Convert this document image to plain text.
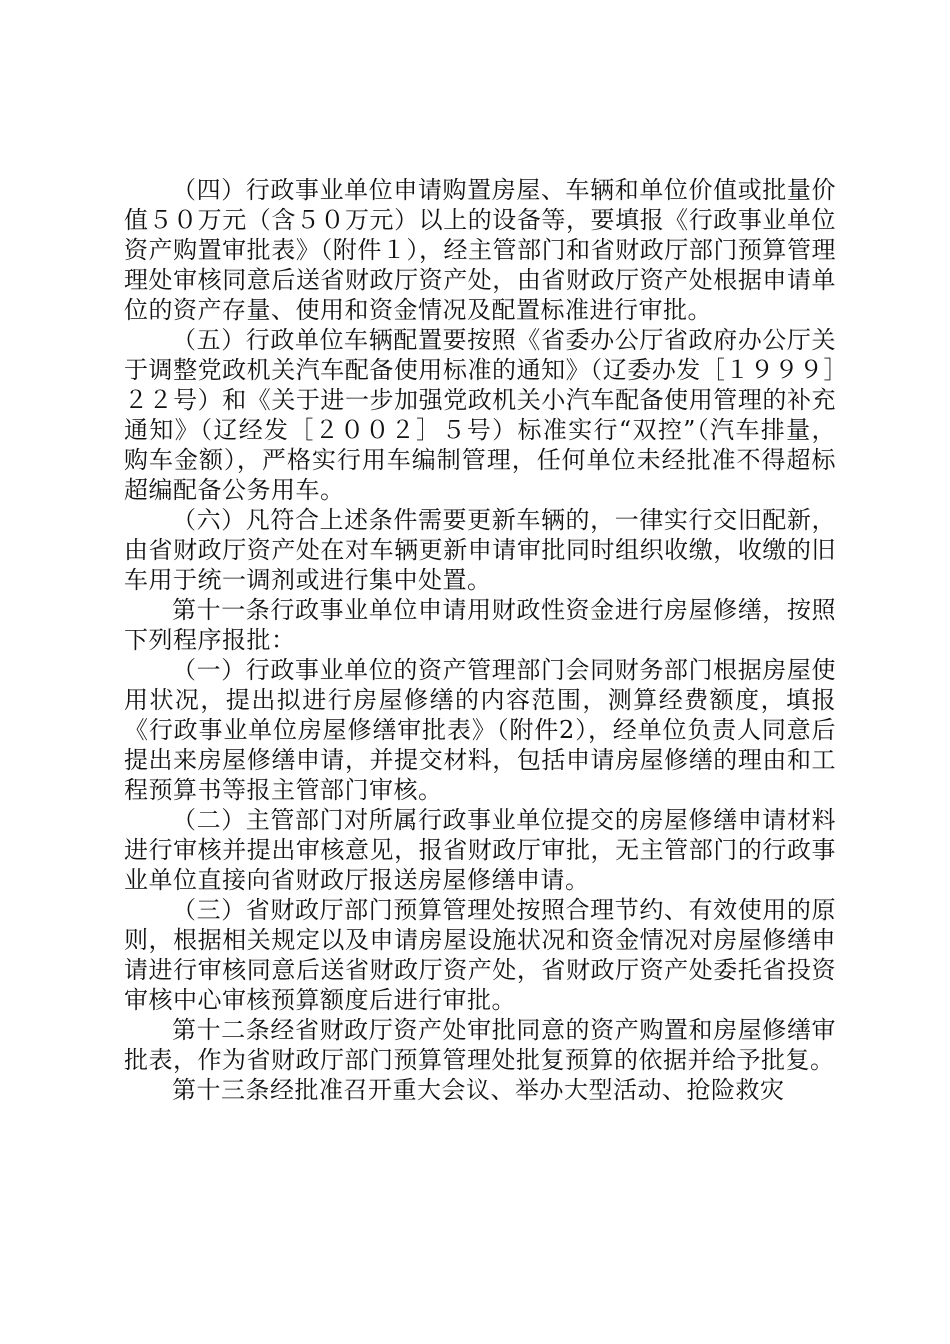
（四）行政事业单位申请购置房屋、车辆和单位价值或批量价值５０万元（含５０万元）以上的设备等，要填报《行政事业单位资产购置审批表》（附件１），经主管部门和省财政厅部门预算管理理处审核同意后送省财政厅资产处，由省财政厅资产处根据申请单位的资产存量、使用和资金情况及配置标准进行审批。

（五）行政单位车辆配置要按照《省委办公厅省政府办公厅关于调整党政机关汽车配备使用标准的通知》（辽委办发［１９９９］２２号）和《关于进一步加强党政机关小汽车配备使用管理的补充通知》（辽经发［２００２］５号）标准实行“双控”（汽车排量，购车金额），严格实行用车编制管理，任何单位未经批准不得超标超编配备公务用车。

（六）凡符合上述条件需要更新车辆的，一律实行交旧配新，由省财政厅资产处在对车辆更新申请审批同时组织收缴，收缴的旧车用于统一调剂或进行集中处置。

第十一条行政事业单位申请用财政性资金进行房屋修缮，按照下列程序报批：

（一）行政事业单位的资产管理部门会同财务部门根据房屋使用状况，提出拟进行房屋修缮的内容范围，测算经费额度，填报《行政事业单位房屋修缮审批表》（附件2），经单位负责人同意后提出来房屋修缮申请，并提交材料，包括申请房屋修缮的理由和工程预算书等报主管部门审核。

（二）主管部门对所属行政事业单位提交的房屋修缮申请材料进行审核并提出审核意见，报省财政厅审批，无主管部门的行政事业单位直接向省财政厅报送房屋修缮申请。

（三）省财政厅部门预算管理处按照合理节约、有效使用的原则，根据相关规定以及申请房屋设施状况和资金情况对房屋修缮申请进行审核同意后送省财政厅资产处，省财政厅资产处委托省投资审核中心审核预算额度后进行审批。

第十二条经省财政厅资产处审批同意的资产购置和房屋修缮审批表，作为省财政厅部门预算管理处批复预算的依据并给予批复。

第十三条经批准召开重大会议、举办大型活动、抢险救灾
